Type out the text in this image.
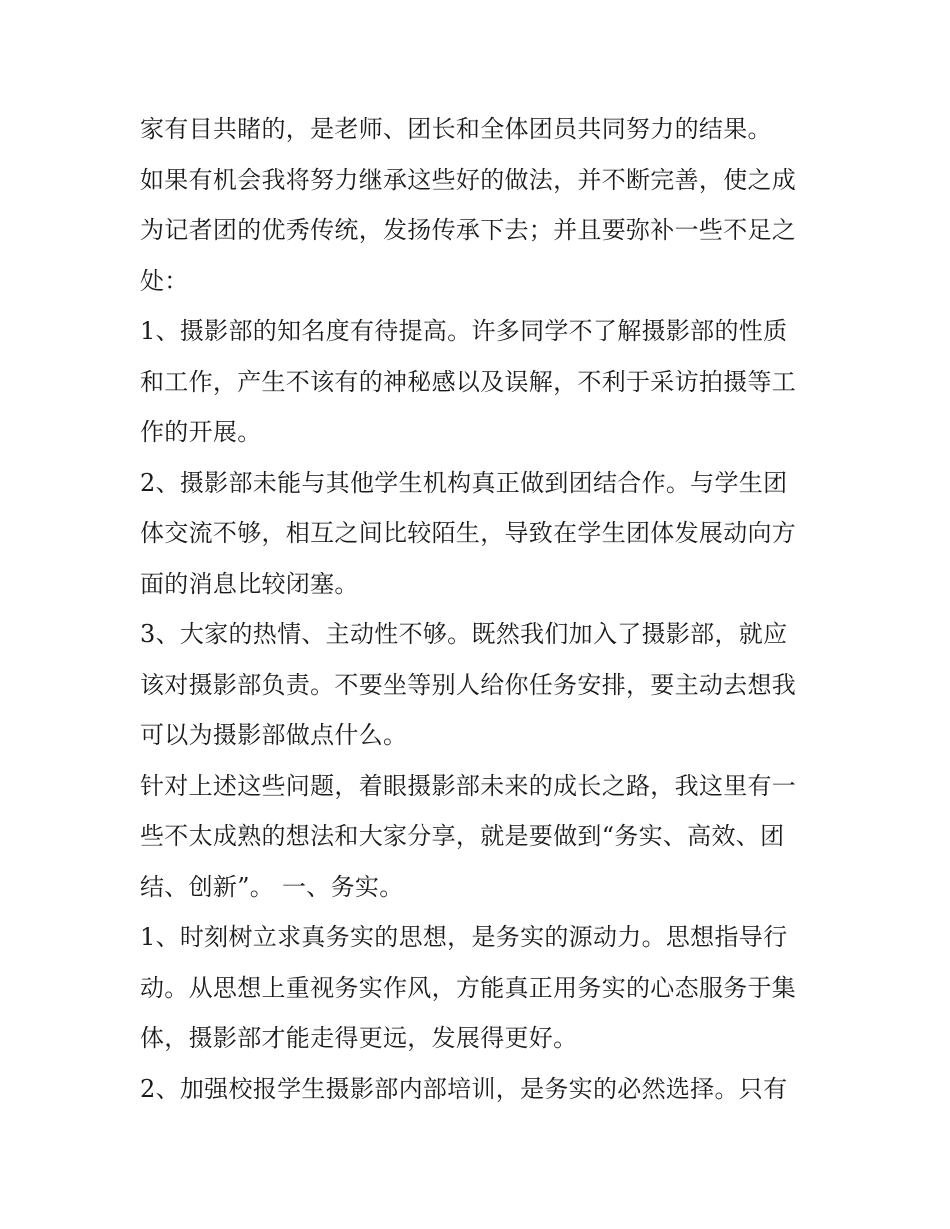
家有目共睹的，是老师、团长和全体团员共同努力的结果。
如果有机会我将努力继承这些好的做法，并不断完善，使之成
为记者团的优秀传统，发扬传承下去；并且要弥补一些不足之
处：
1、摄影部的知名度有待提高。许多同学不了解摄影部的性质
和工作，产生不该有的神秘感以及误解，不利于采访拍摄等工
作的开展。
2、摄影部未能与其他学生机构真正做到团结合作。与学生团
体交流不够，相互之间比较陌生，导致在学生团体发展动向方
面的消息比较闭塞。
3、大家的热情、主动性不够。既然我们加入了摄影部，就应
该对摄影部负责。不要坐等别人给你任务安排，要主动去想我
可以为摄影部做点什么。
针对上述这些问题，着眼摄影部未来的成长之路，我这里有一
些不太成熟的想法和大家分享，就是要做到“务实、高效、团
结、创新”。 一、务实。
1、时刻树立求真务实的思想，是务实的源动力。思想指导行
动。从思想上重视务实作风，方能真正用务实的心态服务于集
体，摄影部才能走得更远，发展得更好。
2、加强校报学生摄影部内部培训，是务实的必然选择。只有
